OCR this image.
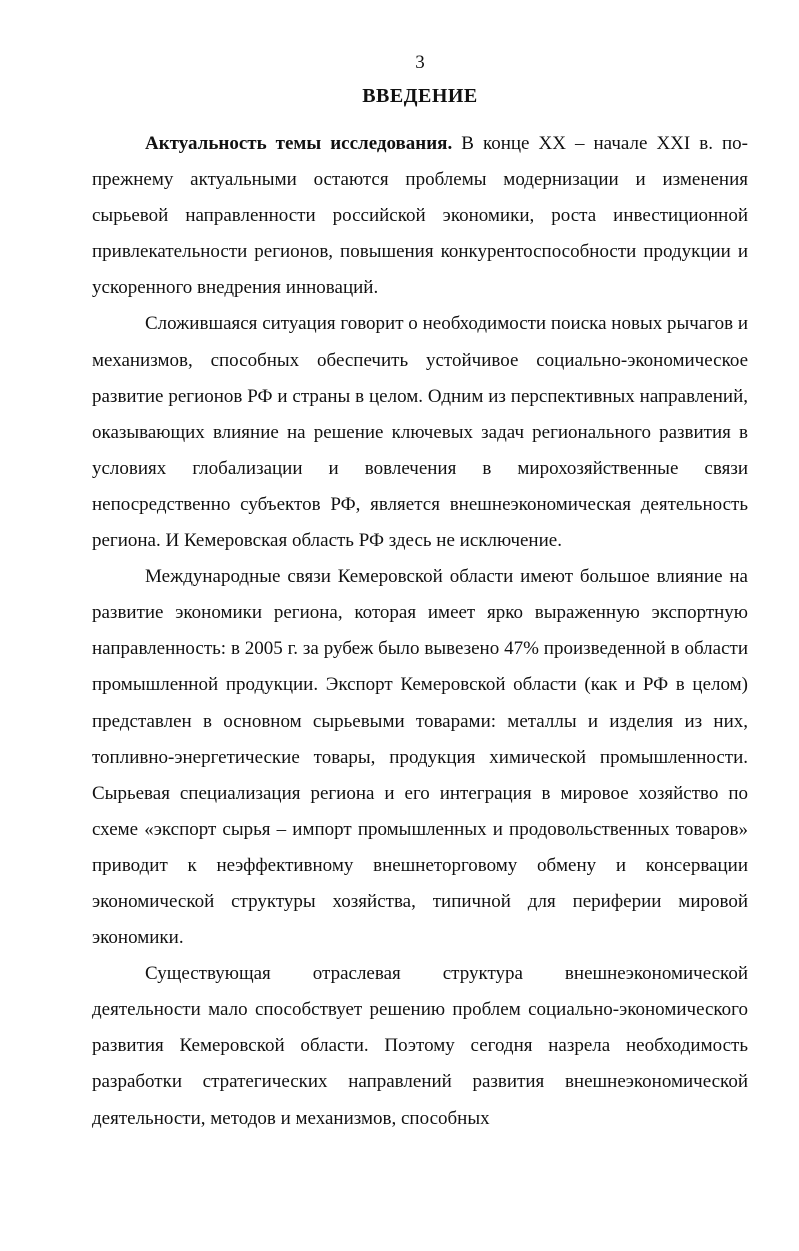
3
ВВЕДЕНИЕ

Актуальность темы исследования. В конце XX – начале XXI в. по-прежнему актуальными остаются проблемы модернизации и изменения сырьевой направленности российской экономики, роста инвестиционной привлекательности регионов, повышения конкурентоспособности продукции и ускоренного внедрения инноваций.

Сложившаяся ситуация говорит о необходимости поиска новых рычагов и механизмов, способных обеспечить устойчивое социально-экономическое развитие регионов РФ и страны в целом. Одним из перспективных направлений, оказывающих влияние на решение ключевых задач регионального развития в условиях глобализации и вовлечения в мирохозяйственные связи непосредственно субъектов РФ, является внешнеэкономическая деятельность региона. И Кемеровская область РФ здесь не исключение.

Международные связи Кемеровской области имеют большое влияние на развитие экономики региона, которая имеет ярко выраженную экспортную направленность: в 2005 г. за рубеж было вывезено 47% произведенной в области промышленной продукции. Экспорт Кемеровской области (как и РФ в целом) представлен в основном сырьевыми товарами: металлы и изделия из них, топливно-энергетические товары, продукция химической промышленности. Сырьевая специализация региона и его интеграция в мировое хозяйство по схеме «экспорт сырья – импорт промышленных и продовольственных товаров» приводит к неэффективному внешнеторговому обмену и консервации экономической структуры хозяйства, типичной для периферии мировой экономики.

Существующая отраслевая структура внешнеэкономической деятельности мало способствует решению проблем социально-экономического развития Кемеровской области. Поэтому сегодня назрела необходимость разработки стратегических направлений развития внешнеэкономической деятельности, методов и механизмов, способных
